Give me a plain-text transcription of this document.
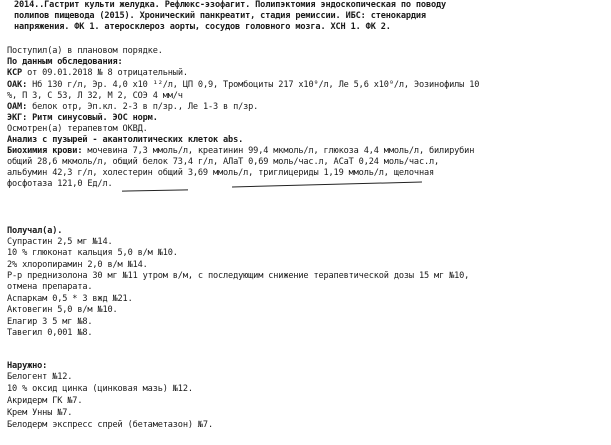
2014..Гастрит культи желудка. Рефлюкс-эзофагит. Полипэктомия эндоскопическая по поводу
полипов пищевода (2015). Хронический панкреатит, стадия ремиссии. ИБС: стенокардия
напряжения. ФК 1. атеросклероз аорты, сосудов головного мозга. ХСН 1. ФК 2.
Поступил(а) в плановом порядке.
По данным обследования:
КСР от 09.01.2018 № 8 отрицательный.
ОАК: Hб 130 г/л, Эр. 4,0 х10 ¹²/л, ЦП 0,9, Тромбоциты 217 х10⁹/л, Ле 5,6 х10⁹/л, Эозинофилы 10
%, П 3, С 53, Л 32, М 2, СОЭ 4 мм/ч
ОАМ: белок отр, Эп.кл. 2-3 в п/зр., Ле 1-3 в п/зр.
ЭКГ: Ритм синусовый. ЭОС норм.
Осмотрен(а) терапевтом ОКВД.
Анализ с пузырей - акантолитических клеток abs.
Биохимия крови: мочевина 7,3 ммоль/л, креатинин 99,4 мкмоль/л, глюкоза 4,4 ммоль/л, билирубин
общий 28,6 мкмоль/л, общий белок 73,4 г/л, АЛаТ 0,69 моль/час.л, АСаТ 0,24 моль/час.л,
альбумин 42,3 г/л, холестерин общий 3,69 ммоль/л, триглицериды 1,19 ммоль/л, щелочная
фосфотаза 121,0 Ед/л.
Получал(а).
Супрастин 2,5 мг №14.
10 % глюконат кальция 5,0 в/м №10.
2% хлоропирамин 2,0 в/м №14.
P-р преднизолона 30 мг №11 утром в/м, с последующим снижение терапевтической дозы 15 мг №10,
отмена препарата.
Аспаркам 0,5 * 3 вжд №21.
Актовегин 5,0 в/м №10.
Елагир 3 5 мг №8.
Тавегил 0,001 №8.
Наружно:
Белогент №12.
10 % оксид цинка (цинковая мазь) №12.
Акридерм ГК №7.
Крем Унны №7.
Белодерм экспресс спрей (бетаметазон) №7.
